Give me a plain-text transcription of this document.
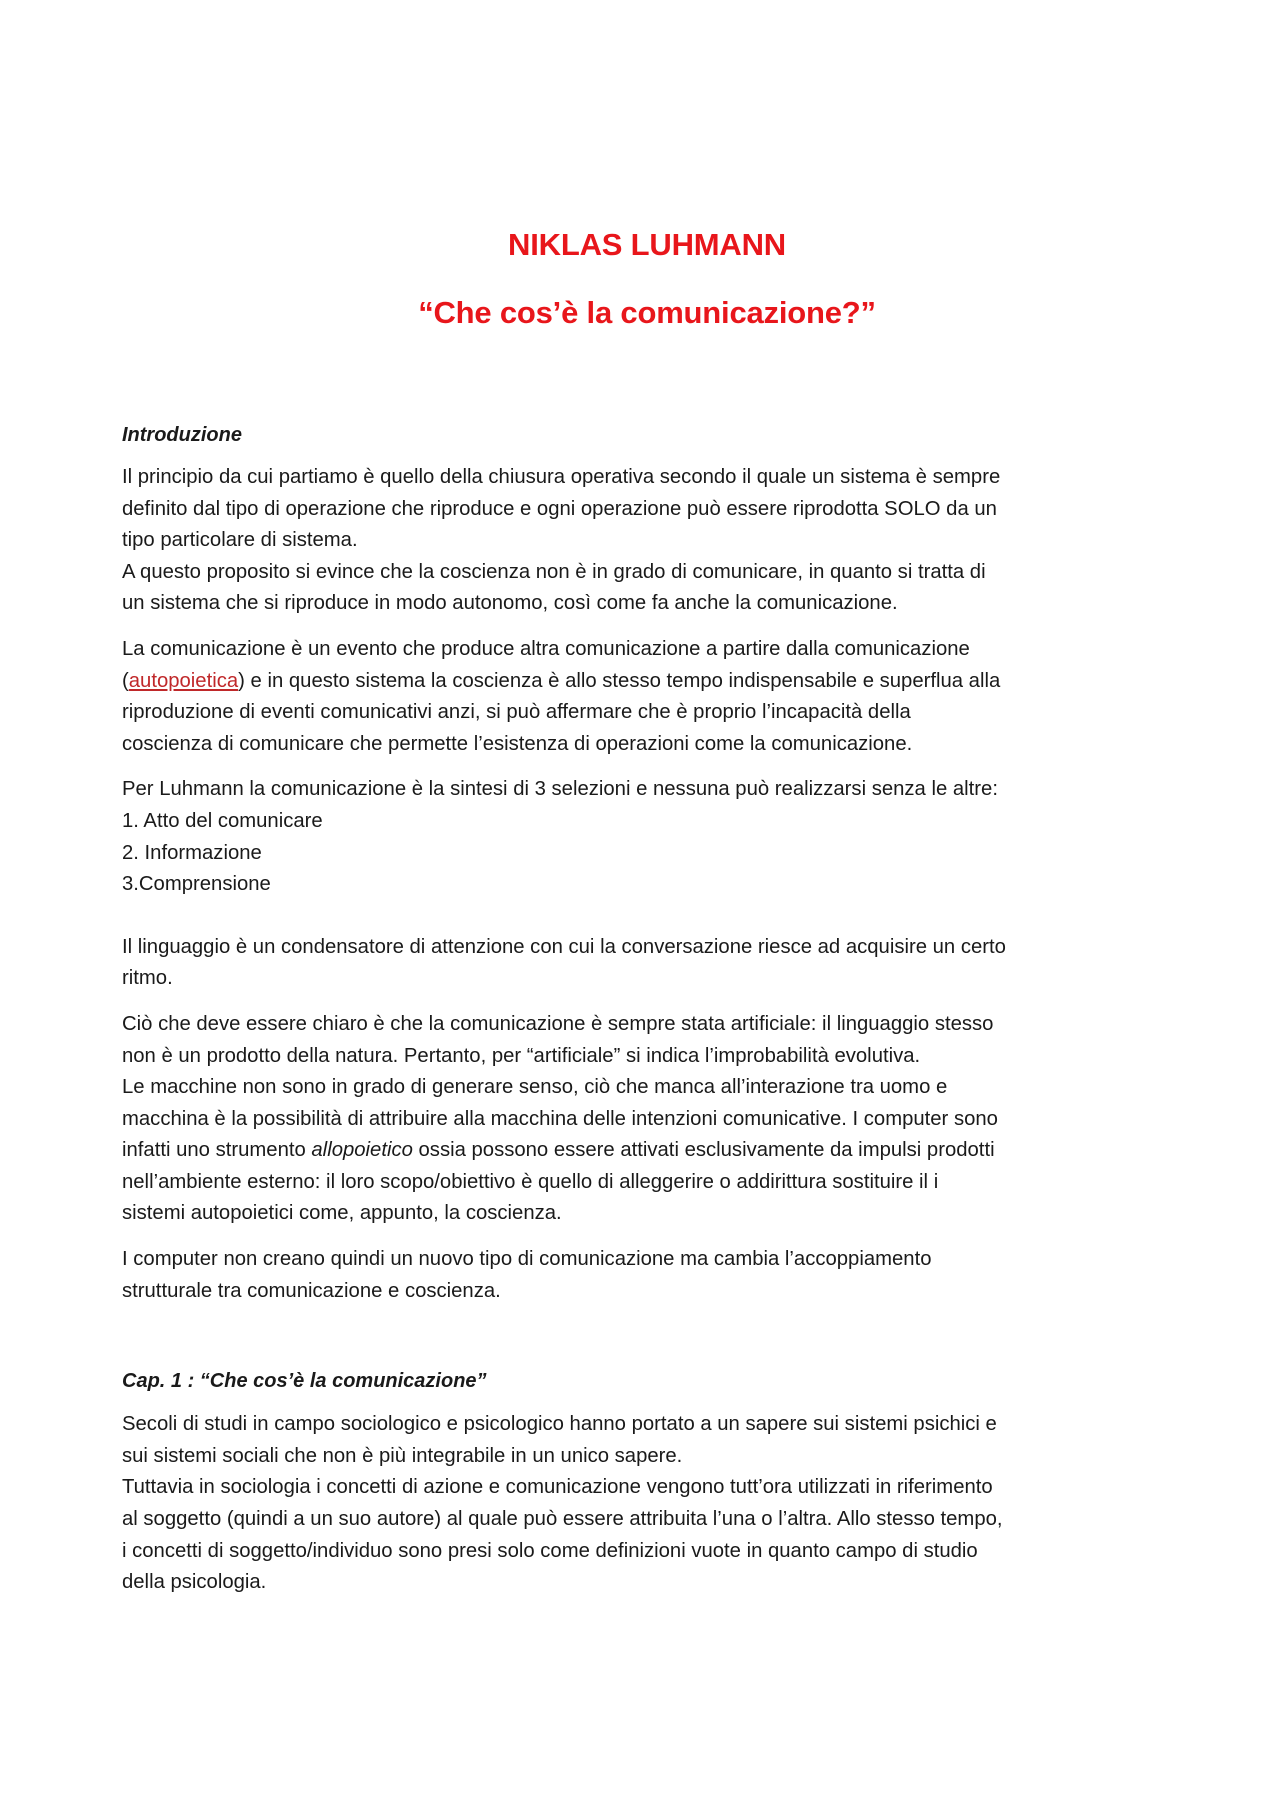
NIKLAS LUHMANN
“Che cos’è la comunicazione?”
Introduzione

Il principio da cui partiamo è quello della chiusura operativa secondo il quale un sistema è sempre
definito dal tipo di operazione che riproduce e ogni operazione può essere riprodotta SOLO da un
tipo particolare di sistema.
A questo proposito si evince che la coscienza non è in grado di comunicare, in quanto si tratta di
un sistema che si riproduce in modo autonomo, così come fa anche la comunicazione.

La comunicazione è un evento che produce altra comunicazione a partire dalla comunicazione
(autopoietica) e in questo sistema la coscienza è allo stesso tempo indispensabile e superflua alla
riproduzione di eventi comunicativi anzi, si può affermare che è proprio l’incapacità della
coscienza di comunicare che permette l’esistenza di operazioni come la comunicazione.

Per Luhmann la comunicazione è la sintesi di 3 selezioni e nessuna può realizzarsi senza le altre:
1. Atto del comunicare
2. Informazione
3.Comprensione

Il linguaggio è un condensatore di attenzione con cui la conversazione riesce ad acquisire un certo
ritmo.

Ciò che deve essere chiaro è che la comunicazione è sempre stata artificiale: il linguaggio stesso
non è un prodotto della natura. Pertanto, per “artificiale” si indica l’improbabilità evolutiva.
Le macchine non sono in grado di generare senso, ciò che manca all’interazione tra uomo e
macchina è la possibilità di attribuire alla macchina delle intenzioni comunicative. I computer sono
infatti uno strumento allopoietico ossia possono essere attivati esclusivamente da impulsi prodotti
nell’ambiente esterno: il loro scopo/obiettivo è quello di alleggerire o addirittura sostituire il i
sistemi autopoietici come, appunto, la coscienza.

I computer non creano quindi un nuovo tipo di comunicazione ma cambia l’accoppiamento
strutturale tra comunicazione e coscienza.

Cap. 1 : “Che cos’è la comunicazione”

Secoli di studi in campo sociologico e psicologico hanno portato a un sapere sui sistemi psichici e
sui sistemi sociali che non è più integrabile in un unico sapere.
Tuttavia in sociologia i concetti di azione e comunicazione vengono tutt’ora utilizzati in riferimento
al soggetto (quindi a un suo autore) al quale può essere attribuita l’una o l’altra. Allo stesso tempo,
i concetti di soggetto/individuo sono presi solo come definizioni vuote in quanto campo di studio
della psicologia.
